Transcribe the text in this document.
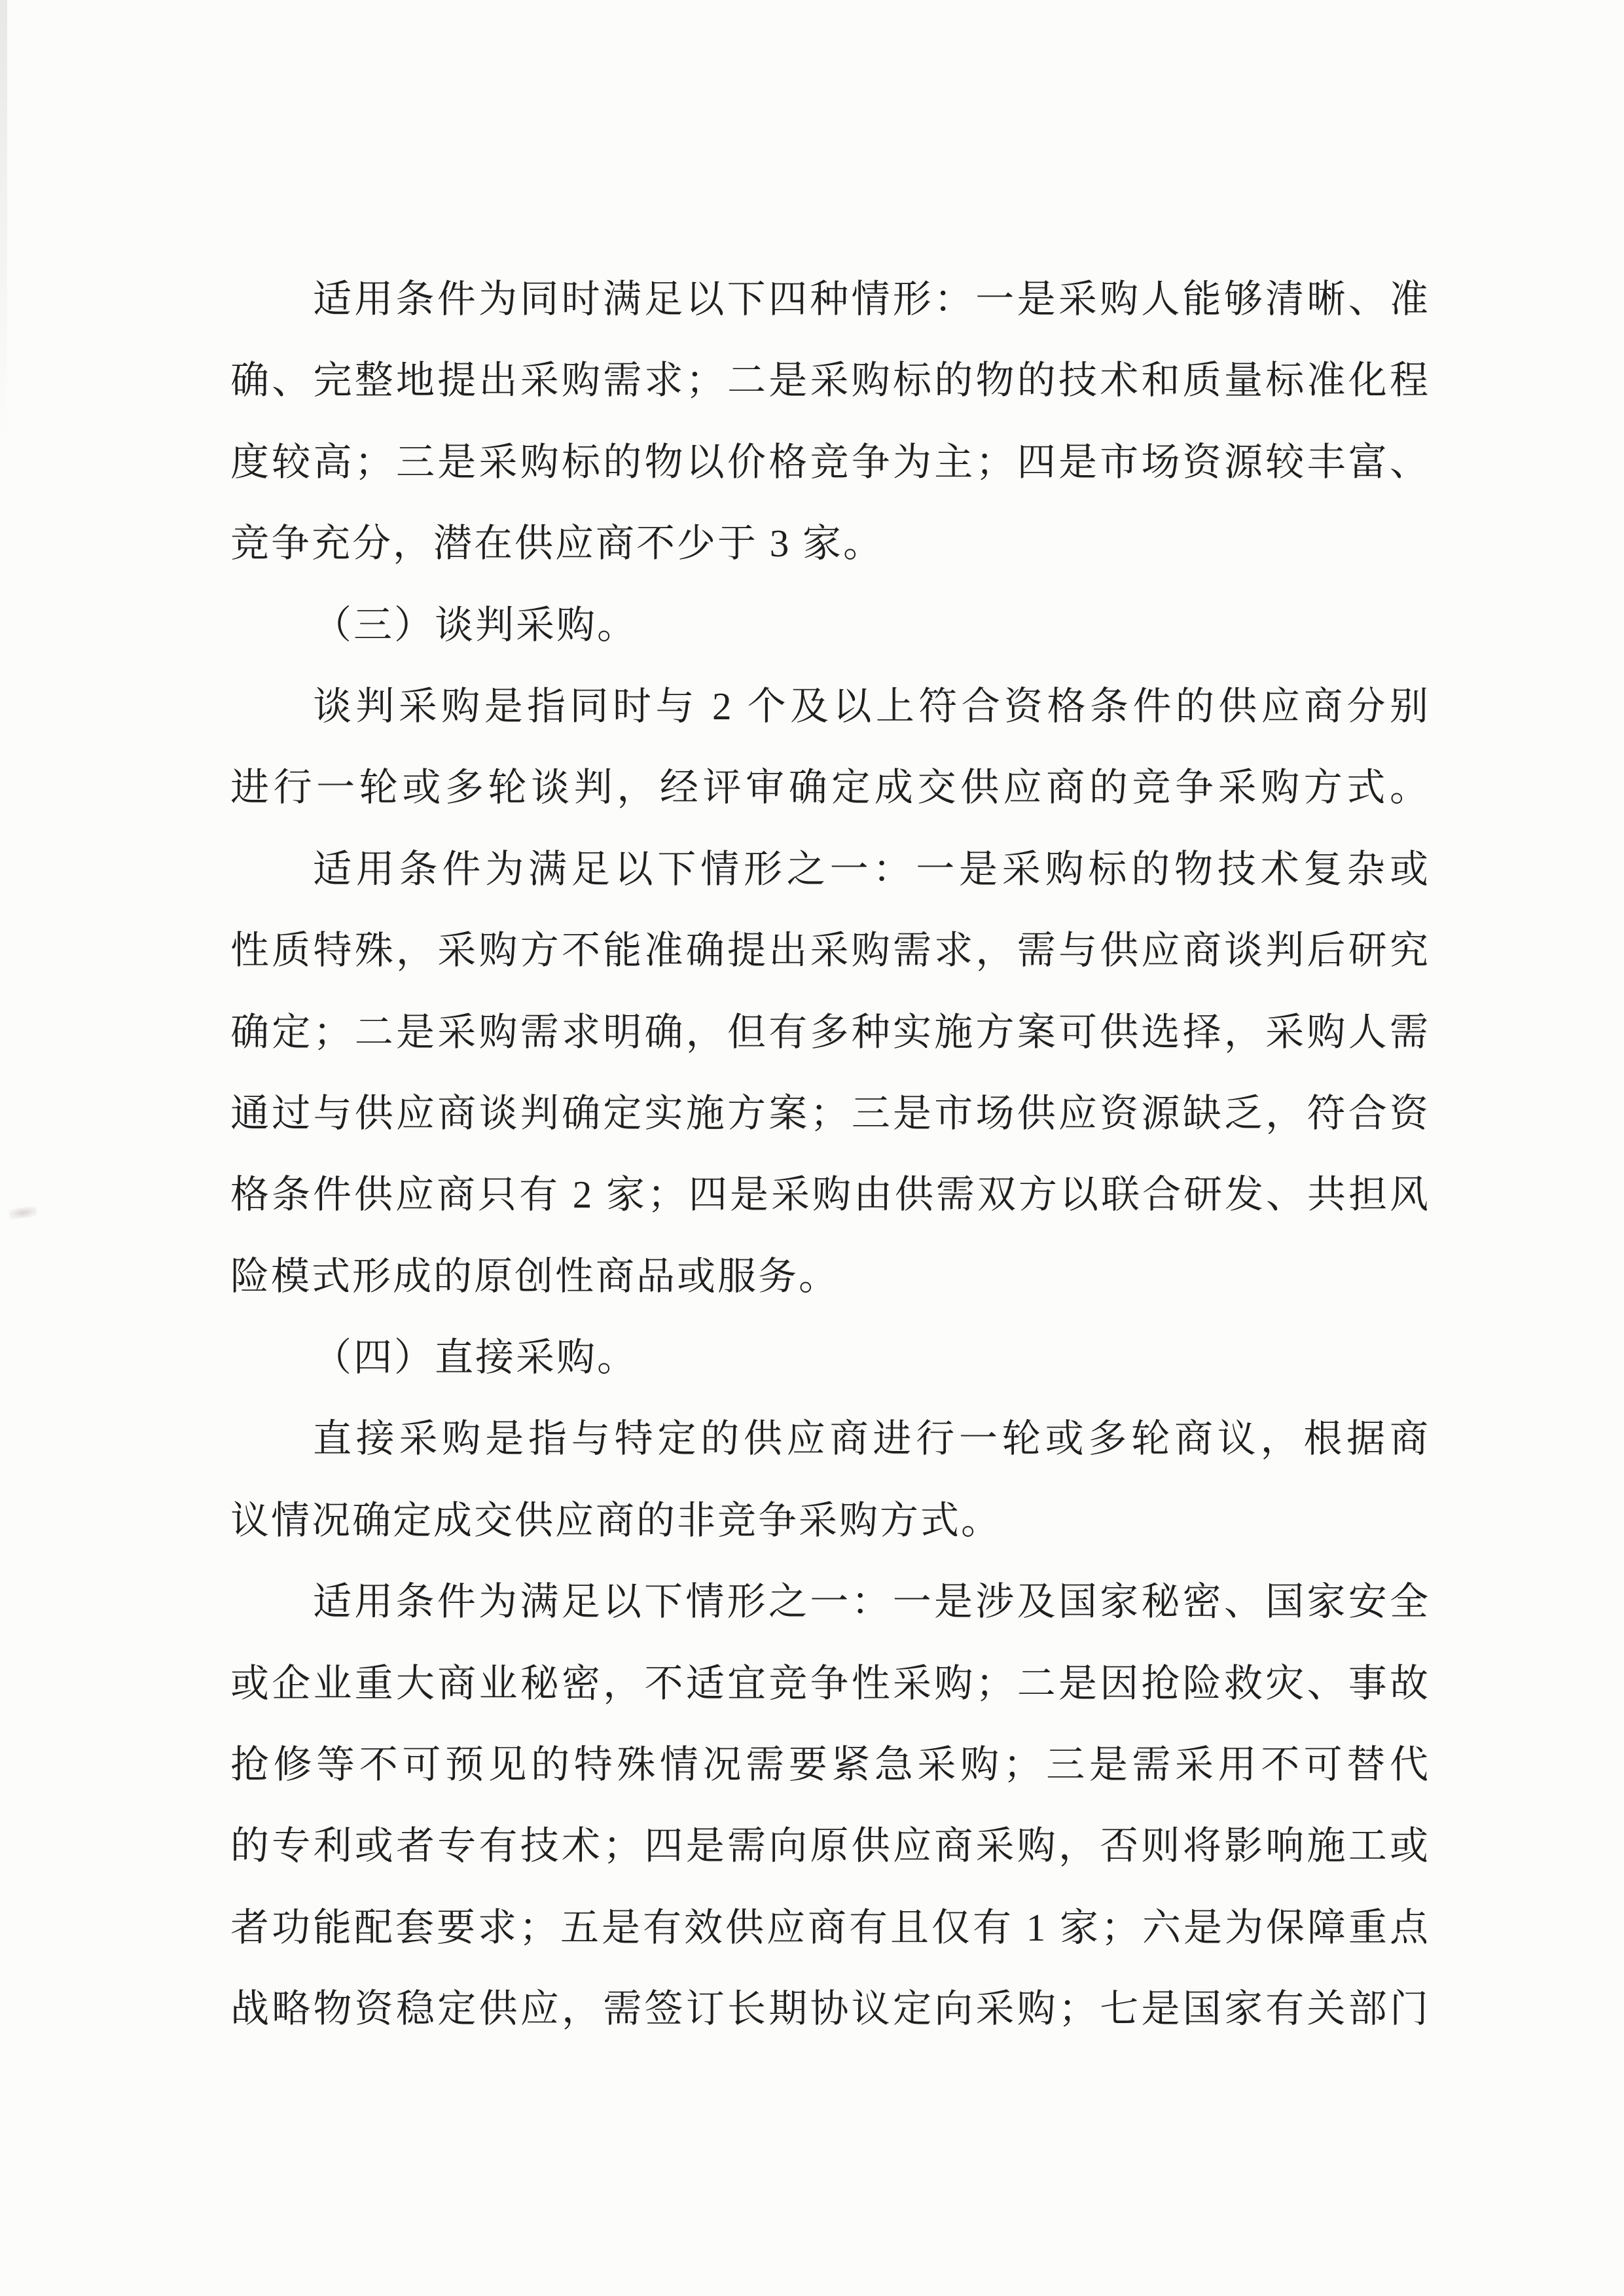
适用条件为同时满足以下四种情形：一是采购人能够清晰、准
确、完整地提出采购需求；二是采购标的物的技术和质量标准化程
度较高；三是采购标的物以价格竞争为主；四是市场资源较丰富、
竞争充分，潜在供应商不少于 3 家。
（三）谈判采购。
谈判采购是指同时与 2 个及以上符合资格条件的供应商分别
进行一轮或多轮谈判，经评审确定成交供应商的竞争采购方式。
适用条件为满足以下情形之一：一是采购标的物技术复杂或
性质特殊，采购方不能准确提出采购需求，需与供应商谈判后研究
确定；二是采购需求明确，但有多种实施方案可供选择，采购人需
通过与供应商谈判确定实施方案；三是市场供应资源缺乏，符合资
格条件供应商只有 2 家；四是采购由供需双方以联合研发、共担风
险模式形成的原创性商品或服务。
（四）直接采购。
直接采购是指与特定的供应商进行一轮或多轮商议，根据商
议情况确定成交供应商的非竞争采购方式。
适用条件为满足以下情形之一：一是涉及国家秘密、国家安全
或企业重大商业秘密，不适宜竞争性采购；二是因抢险救灾、事故
抢修等不可预见的特殊情况需要紧急采购；三是需采用不可替代
的专利或者专有技术；四是需向原供应商采购，否则将影响施工或
者功能配套要求；五是有效供应商有且仅有 1 家；六是为保障重点
战略物资稳定供应，需签订长期协议定向采购；七是国家有关部门
